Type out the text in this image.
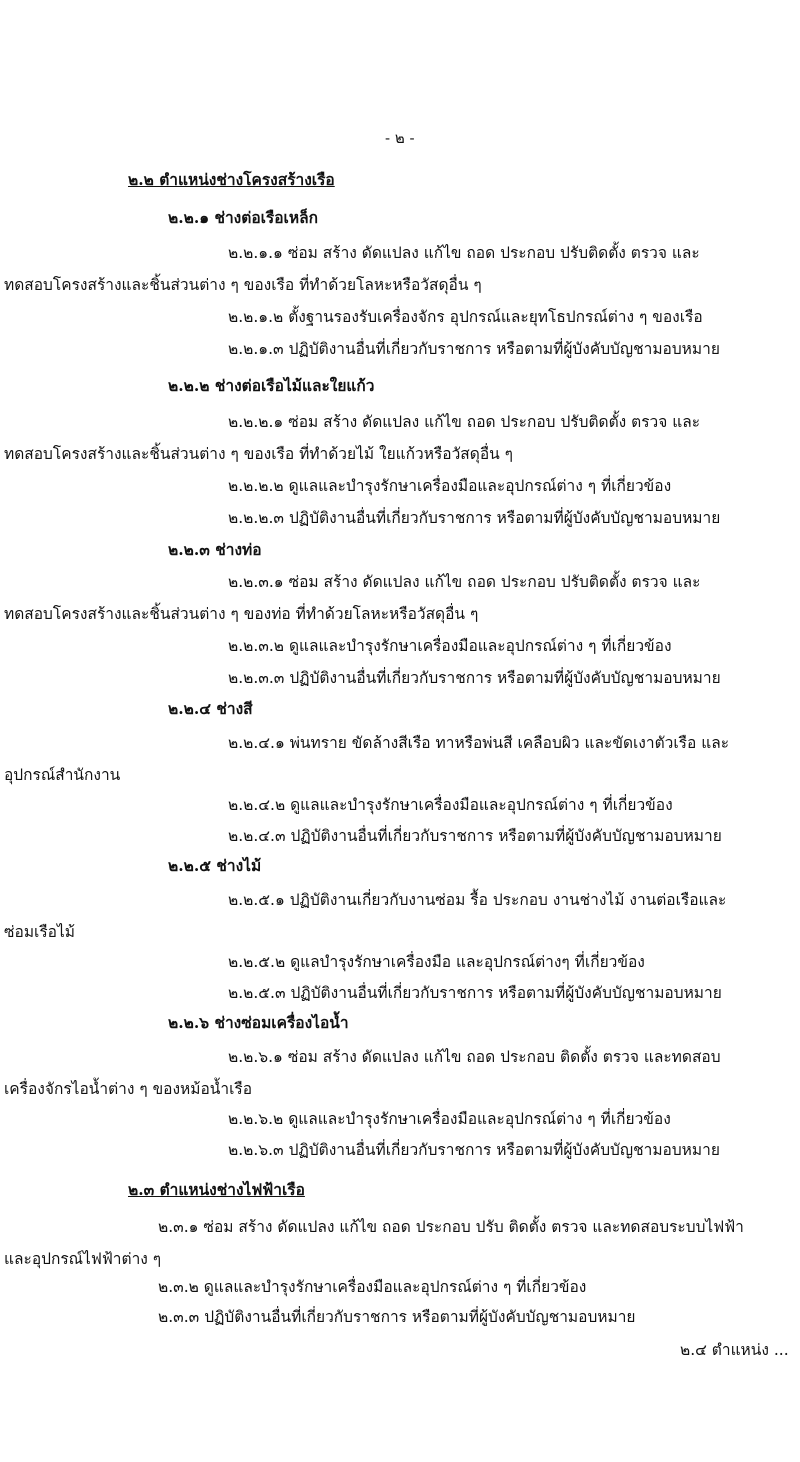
- ๒ -
๒.๒ ตำแหน่งช่างโครงสร้างเรือ
๒.๒.๑ ช่างต่อเรือเหล็ก
๒.๒.๑.๑ ซ่อม สร้าง ดัดแปลง แก้ไข ถอด ประกอบ ปรับติดตั้ง ตรวจ และ
ทดสอบโครงสร้างและชิ้นส่วนต่าง ๆ ของเรือ ที่ทำด้วยโลหะหรือวัสดุอื่น ๆ
๒.๒.๑.๒ ตั้งฐานรองรับเครื่องจักร อุปกรณ์และยุทโธปกรณ์ต่าง ๆ ของเรือ
๒.๒.๑.๓ ปฏิบัติงานอื่นที่เกี่ยวกับราชการ หรือตามที่ผู้บังคับบัญชามอบหมาย
๒.๒.๒ ช่างต่อเรือไม้และใยแก้ว
๒.๒.๒.๑ ซ่อม สร้าง ดัดแปลง แก้ไข ถอด ประกอบ ปรับติดตั้ง ตรวจ และ
ทดสอบโครงสร้างและชิ้นส่วนต่าง ๆ ของเรือ ที่ทำด้วยไม้ ใยแก้วหรือวัสดุอื่น ๆ
๒.๒.๒.๒ ดูแลและบำรุงรักษาเครื่องมือและอุปกรณ์ต่าง ๆ ที่เกี่ยวข้อง
๒.๒.๒.๓ ปฏิบัติงานอื่นที่เกี่ยวกับราชการ หรือตามที่ผู้บังคับบัญชามอบหมาย
๒.๒.๓ ช่างท่อ
๒.๒.๓.๑ ซ่อม สร้าง ดัดแปลง แก้ไข ถอด ประกอบ ปรับติดตั้ง ตรวจ และ
ทดสอบโครงสร้างและชิ้นส่วนต่าง ๆ ของท่อ ที่ทำด้วยโลหะหรือวัสดุอื่น ๆ
๒.๒.๓.๒ ดูแลและบำรุงรักษาเครื่องมือและอุปกรณ์ต่าง ๆ ที่เกี่ยวข้อง
๒.๒.๓.๓ ปฏิบัติงานอื่นที่เกี่ยวกับราชการ หรือตามที่ผู้บังคับบัญชามอบหมาย
๒.๒.๔ ช่างสี
๒.๒.๔.๑ พ่นทราย ขัดล้างสีเรือ ทาหรือพ่นสี เคลือบผิว และขัดเงาตัวเรือ และ
อุปกรณ์สำนักงาน
๒.๒.๔.๒ ดูแลและบำรุงรักษาเครื่องมือและอุปกรณ์ต่าง ๆ ที่เกี่ยวข้อง
๒.๒.๔.๓ ปฏิบัติงานอื่นที่เกี่ยวกับราชการ หรือตามที่ผู้บังคับบัญชามอบหมาย
๒.๒.๕ ช่างไม้
๒.๒.๕.๑ ปฏิบัติงานเกี่ยวกับงานซ่อม รื้อ ประกอบ งานช่างไม้ งานต่อเรือและ
ซ่อมเรือไม้
๒.๒.๕.๒ ดูแลบำรุงรักษาเครื่องมือ และอุปกรณ์ต่างๆ ที่เกี่ยวข้อง
๒.๒.๕.๓ ปฏิบัติงานอื่นที่เกี่ยวกับราชการ หรือตามที่ผู้บังคับบัญชามอบหมาย
๒.๒.๖ ช่างซ่อมเครื่องไอน้ำ
๒.๒.๖.๑ ซ่อม สร้าง ดัดแปลง แก้ไข ถอด ประกอบ ติดตั้ง ตรวจ และทดสอบ
เครื่องจักรไอน้ำต่าง ๆ ของหม้อน้ำเรือ
๒.๒.๖.๒ ดูแลและบำรุงรักษาเครื่องมือและอุปกรณ์ต่าง ๆ ที่เกี่ยวข้อง
๒.๒.๖.๓ ปฏิบัติงานอื่นที่เกี่ยวกับราชการ หรือตามที่ผู้บังคับบัญชามอบหมาย
๒.๓ ตำแหน่งช่างไฟฟ้าเรือ
๒.๓.๑ ซ่อม สร้าง ดัดแปลง แก้ไข ถอด ประกอบ ปรับ ติดตั้ง ตรวจ และทดสอบระบบไฟฟ้า
และอุปกรณ์ไฟฟ้าต่าง ๆ
๒.๓.๒ ดูแลและบำรุงรักษาเครื่องมือและอุปกรณ์ต่าง ๆ ที่เกี่ยวข้อง
๒.๓.๓ ปฏิบัติงานอื่นที่เกี่ยวกับราชการ หรือตามที่ผู้บังคับบัญชามอบหมาย
๒.๔ ตำแหน่ง ...
